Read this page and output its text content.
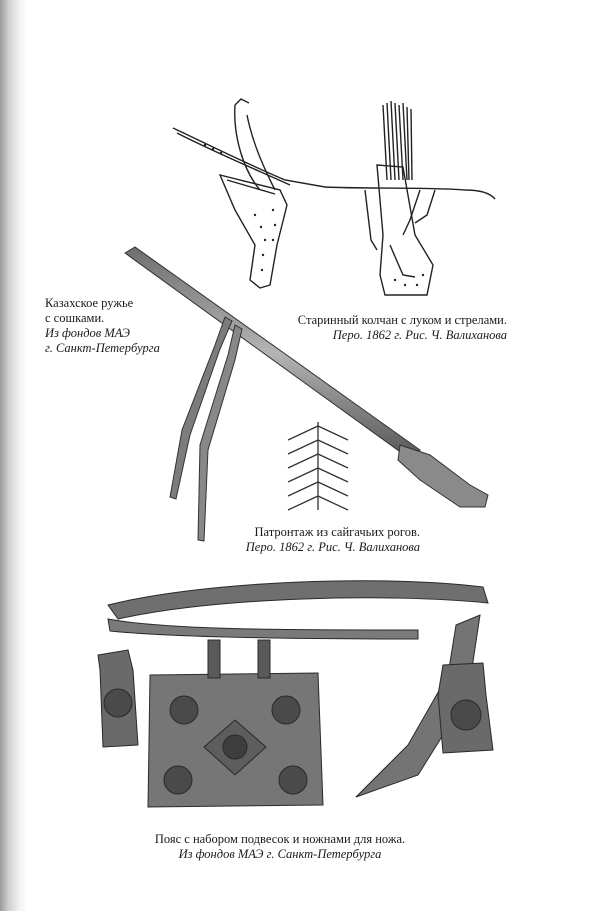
Казахское ружье
с сошками.
Из фондов МАЭ
г. Санкт-Петербурга
Старинный колчан с луком и стрелами.
Перо. 1862 г. Рис. Ч. Валиханова
Патронтаж из сайгачьих рогов.
Перо. 1862 г. Рис. Ч. Валиханова
Пояс с набором подвесок и ножнами для ножа.
Из фондов МАЭ г. Санкт-Петербурга
